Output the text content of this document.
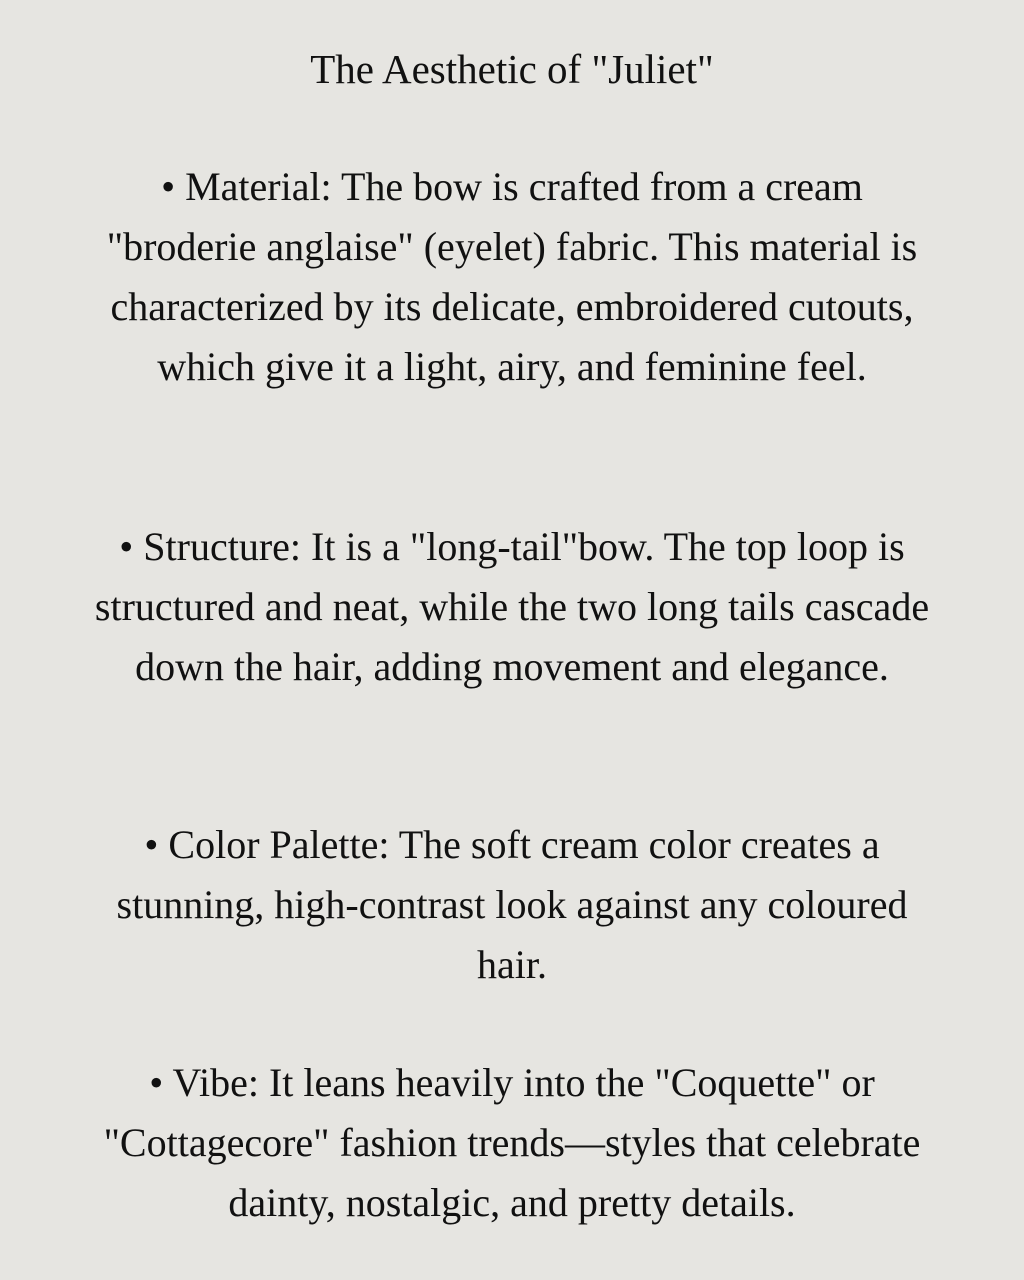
The Aesthetic of "Juliet"

• Material: The bow is crafted from a cream "broderie anglaise" (eyelet) fabric. This material is characterized by its delicate, embroidered cutouts, which give it a light, airy, and feminine feel.

• Structure: It is a "long-tail"bow. The top loop is structured and neat, while the two long tails cascade down the hair, adding movement and elegance.

• Color Palette: The soft cream color creates a stunning, high-contrast look against any coloured hair.

• Vibe: It leans heavily into the "Coquette" or "Cottagecore" fashion trends—styles that celebrate dainty, nostalgic, and pretty details.
